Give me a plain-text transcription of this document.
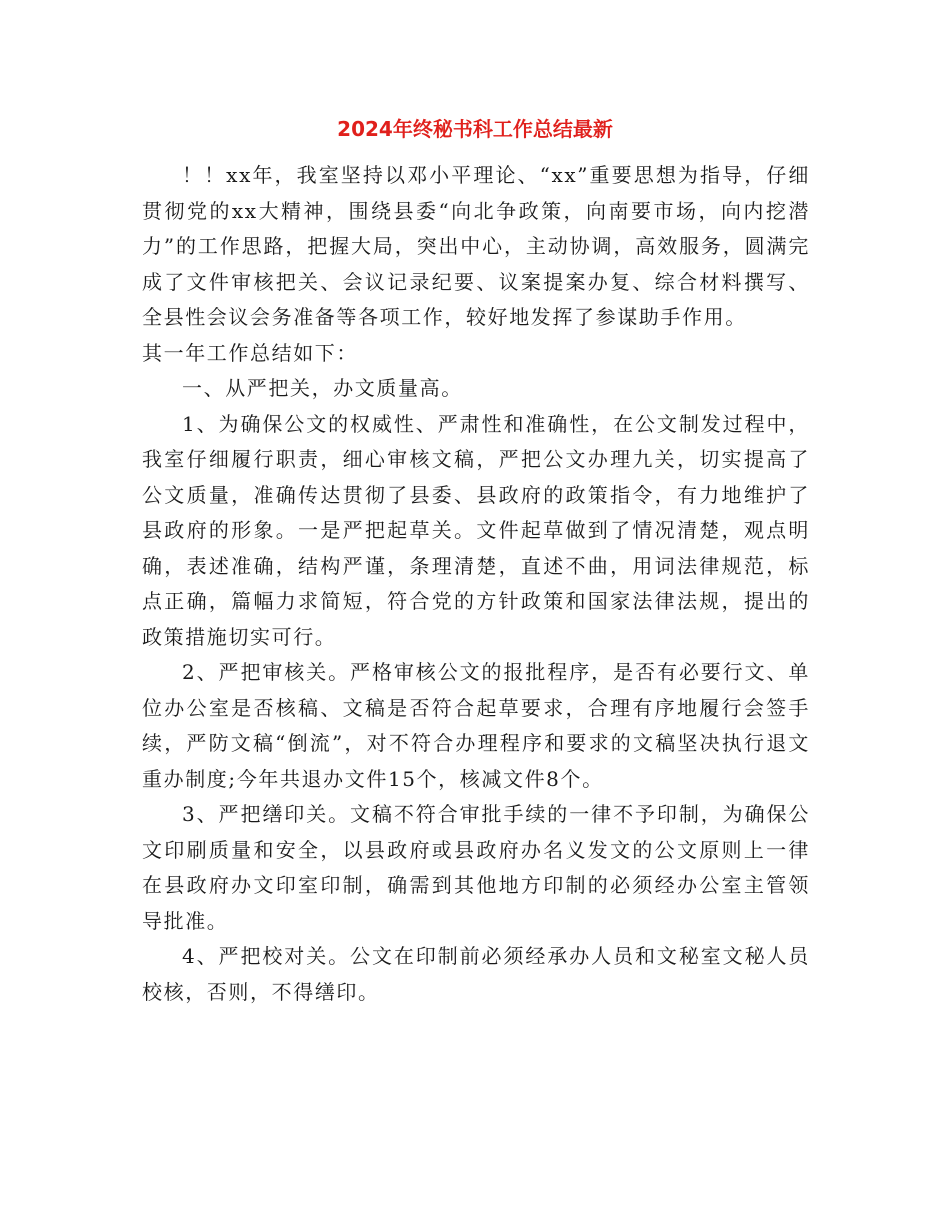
2024年终秘书科工作总结最新

！！xx年，我室坚持以邓小平理论、“xx”重要思想为指导，仔细贯彻党的xx大精神，围绕县委“向北争政策，向南要市场，向内挖潜力”的工作思路，把握大局，突出中心，主动协调，高效服务，圆满完成了文件审核把关、会议记录纪要、议案提案办复、综合材料撰写、全县性会议会务准备等各项工作，较好地发挥了参谋助手作用。

其一年工作总结如下：

一、从严把关，办文质量高。

1、为确保公文的权威性、严肃性和准确性，在公文制发过程中，我室仔细履行职责，细心审核文稿，严把公文办理九关，切实提高了公文质量，准确传达贯彻了县委、县政府的政策指令，有力地维护了县政府的形象。一是严把起草关。文件起草做到了情况清楚，观点明确，表述准确，结构严谨，条理清楚，直述不曲，用词法律规范，标点正确，篇幅力求简短，符合党的方针政策和国家法律法规，提出的政策措施切实可行。

2、严把审核关。严格审核公文的报批程序，是否有必要行文、单位办公室是否核稿、文稿是否符合起草要求，合理有序地履行会签手续，严防文稿“倒流”，对不符合办理程序和要求的文稿坚决执行退文重办制度;今年共退办文件15个，核减文件8个。

3、严把缮印关。文稿不符合审批手续的一律不予印制，为确保公文印刷质量和安全，以县政府或县政府办名义发文的公文原则上一律在县政府办文印室印制，确需到其他地方印制的必须经办公室主管领导批准。

4、严把校对关。公文在印制前必须经承办人员和文秘室文秘人员校核，否则，不得缮印。
